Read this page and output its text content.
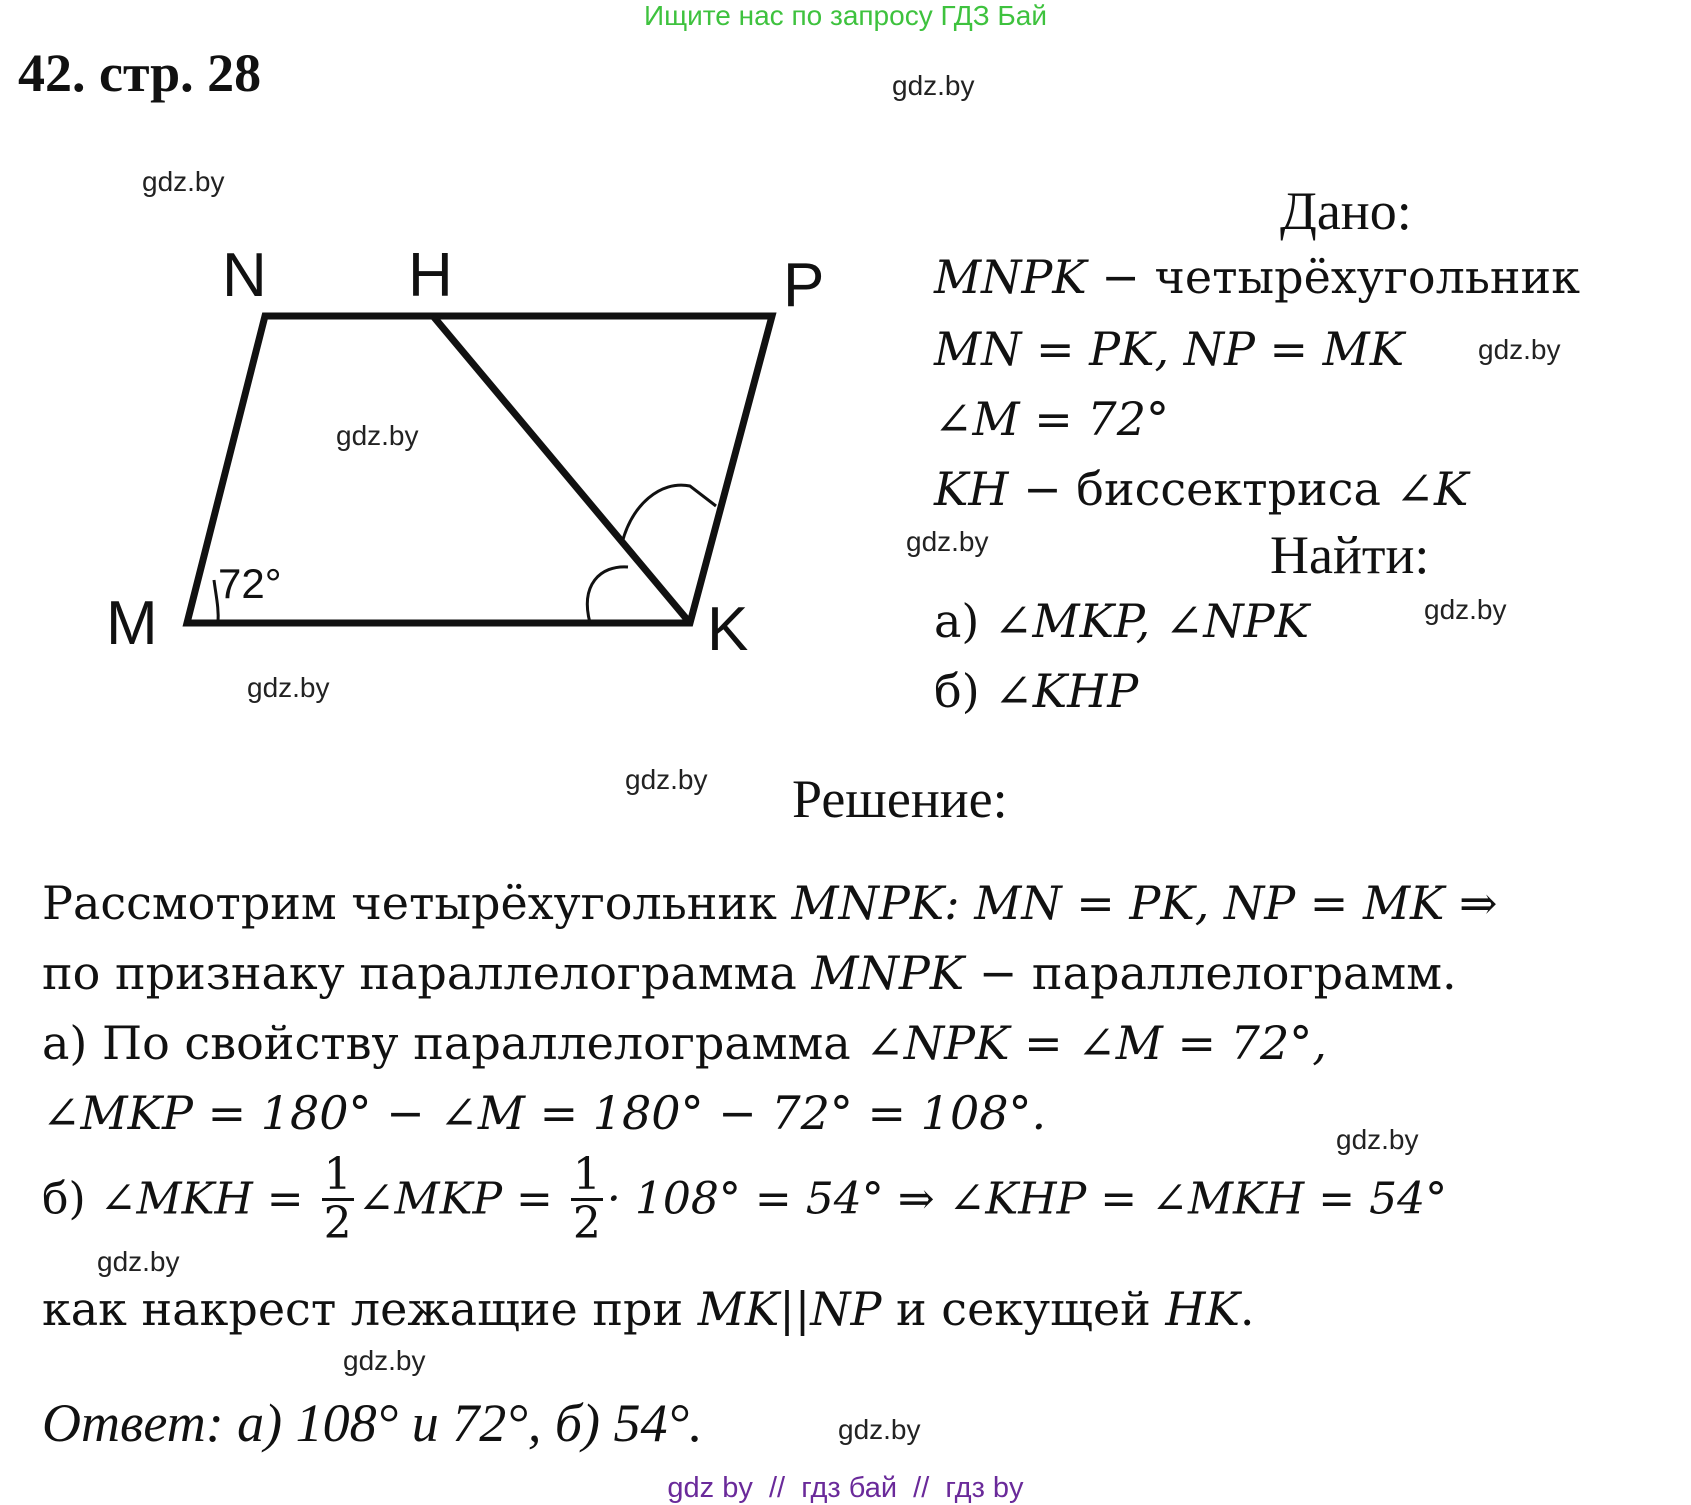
Ищите нас по запросу ГДЗ Бай
42. стр. 28	gdz.by
gdz.by
gdz.by
gdz.by
gdz.by
gdz.by
gdz.by
gdz.by
gdz.by
gdz.by
gdz.by
gdz.by
N H	P
M	K
72°
Дано:
MNPK − четырёхугольник
MN = PK, NP = MK
∠M = 72°
KH − биссектриса ∠K
Найти:
а) ∠MKP, ∠NPK
б) ∠KHP
Решение:
Рассмотрим четырёхугольник MNPK: MN = PK, NP = MK ⇒
по признаку параллелограмма MNPK − параллелограмм.
а) По свойству параллелограмма ∠NPK = ∠M = 72°,
∠MKP = 180° − ∠M = 180° − 72° = 108°.
б) ∠MKH = $\frac{1}{2}$ ∠MKP = $\frac{1}{2} \cdot 108^\circ = 54^\circ$ ⇒ ∠KHP = ∠MKH = 54°
как накрест лежащие при MK||NP и секущей HK.
Ответ: а) 108° и 72°, б) 54°.
gdz by  //  гдз бай  //  гдз by
